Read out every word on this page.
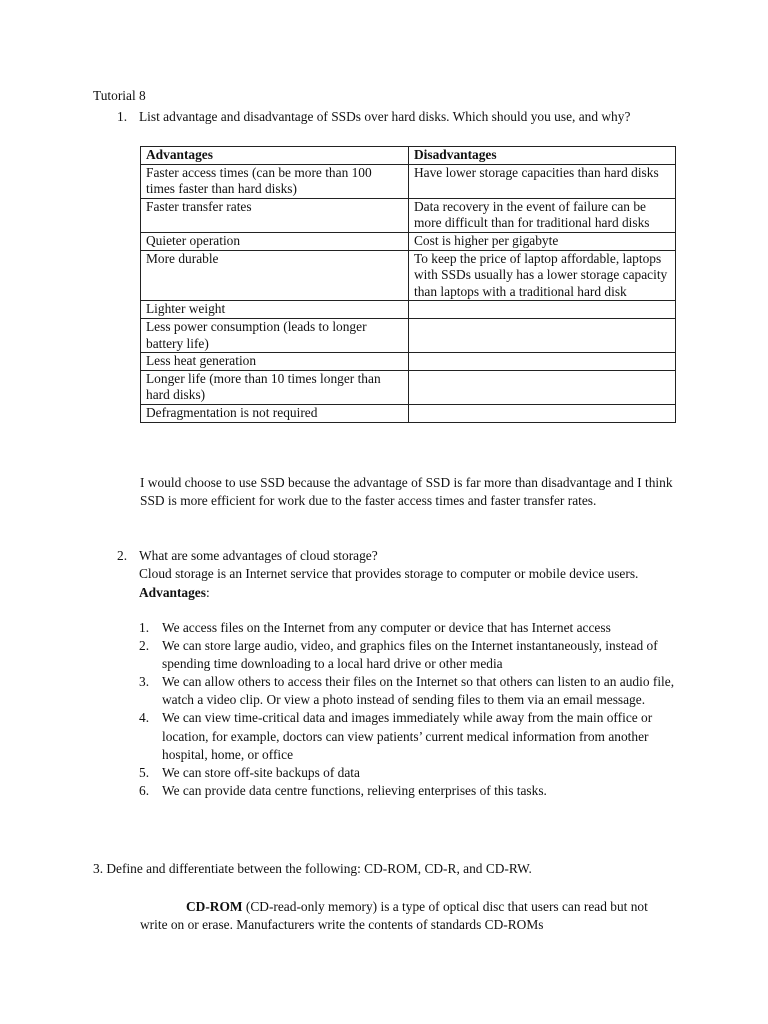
Tutorial 8
1. List advantage and disadvantage of SSDs over hard disks. Which should you use, and why?
Advantages	Disadvantages
Faster access times (can be more than 100 times faster than hard disks)	Have lower storage capacities than hard disks
Faster transfer rates	Data recovery in the event of failure can be more difficult than for traditional hard disks
Quieter operation	Cost is higher per gigabyte
More durable	To keep the price of laptop affordable, laptops with SSDs usually has a lower storage capacity than laptops with a traditional hard disk
Lighter weight	
Less power consumption (leads to longer battery life)	
Less heat generation	
Longer life (more than 10 times longer than hard disks)	
Defragmentation is not required	
I would choose to use SSD because the advantage of SSD is far more than disadvantage and I think SSD is more efficient for work due to the faster access times and faster transfer rates.
2. What are some advantages of cloud storage?
Cloud storage is an Internet service that provides storage to computer or mobile device users.
Advantages:
1. We access files on the Internet from any computer or device that has Internet access
2. We can store large audio, video, and graphics files on the Internet instantaneously, instead of spending time downloading to a local hard drive or other media
3. We can allow others to access their files on the Internet so that others can listen to an audio file, watch a video clip. Or view a photo instead of sending files to them via an email message.
4. We can view time-critical data and images immediately while away from the main office or location, for example, doctors can view patients’ current medical information from another hospital, home, or office
5. We can store off-site backups of data
6. We can provide data centre functions, relieving enterprises of this tasks.
3. Define and differentiate between the following: CD-ROM, CD-R, and CD-RW.
CD-ROM (CD-read-only memory) is a type of optical disc that users can read but not write on or erase. Manufacturers write the contents of standards CD-ROMs
